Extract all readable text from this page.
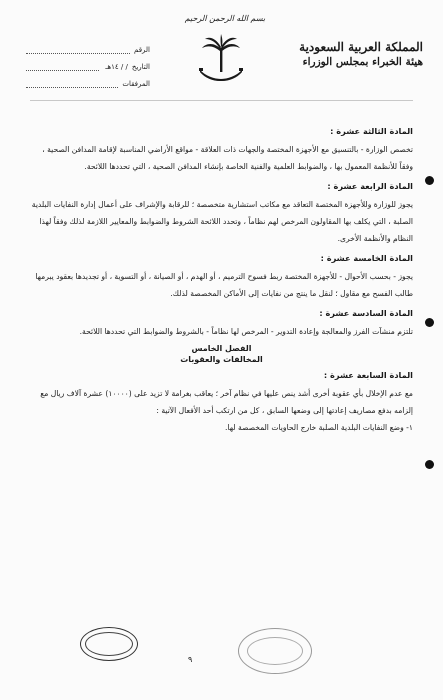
بسم الله الرحمن الرحيم
المملكة العربية السعودية
هيئة الخبراء بمجلس الوزراء
الرقم
التاريخ
/ / ١٤هـ
المرفقات
المادة الثالثة عشرة :

تخصص الوزارة - بالتنسيق مع الأجهزة المختصة والجهات ذات العلاقة - مواقع الأراضي المناسبة لإقامة المدافن الصحية ، وفقاً للأنظمة المعمول بها ، والضوابط العلمية والفنية الخاصة بإنشاء المدافن الصحية ، التي تحددها اللائحة.

المادة الرابعة عشرة :

يجوز للوزارة وللأجهزة المختصة التعاقد مع مكاتب استشارية متخصصة ؛ للرقابة والإشراف على أعمال إدارة النفايات البلدية الصلبة ، التي يكلف بها المقاولون المرخص لهم نظاماً ، وتحدد اللائحة الشروط والضوابط والمعايير اللازمة لذلك وفقاً لهذا النظام والأنظمة الأخرى.

المادة الخامسة عشرة :

يجوز - بحسب الأحوال - للأجهزة المختصة ربط فسوح الترميم ، أو الهدم ، أو الصيانة ، أو التسوية ، أو تجديدها بعقود يبرمها طالب الفسح مع مقاول ؛ لنقل ما ينتج من نفايات إلى الأماكن المخصصة لذلك.

المادة السادسة عشرة :

تلتزم منشآت الفرز والمعالجة وإعادة التدوير - المرخص لها نظاماً - بالشروط والضوابط التي تحددها اللائحة.

الفصل الخامس
المخالفات والعقوبات
المادة السابعة عشرة :

مع عدم الإخلال بأي عقوبة أخرى أشد ينص عليها في نظام آخر ؛ يعاقب بغرامة لا تزيد على (١٠٠٠٠) عشرة آلاف ريال مع إلزامه بدفع مصاريف إعادتها إلى وضعها السابق ، كل من ارتكب أحد الأفعال الآتية :

١- وضع النفايات البلدية الصلبة خارج الحاويات المخصصة لها.

٩
